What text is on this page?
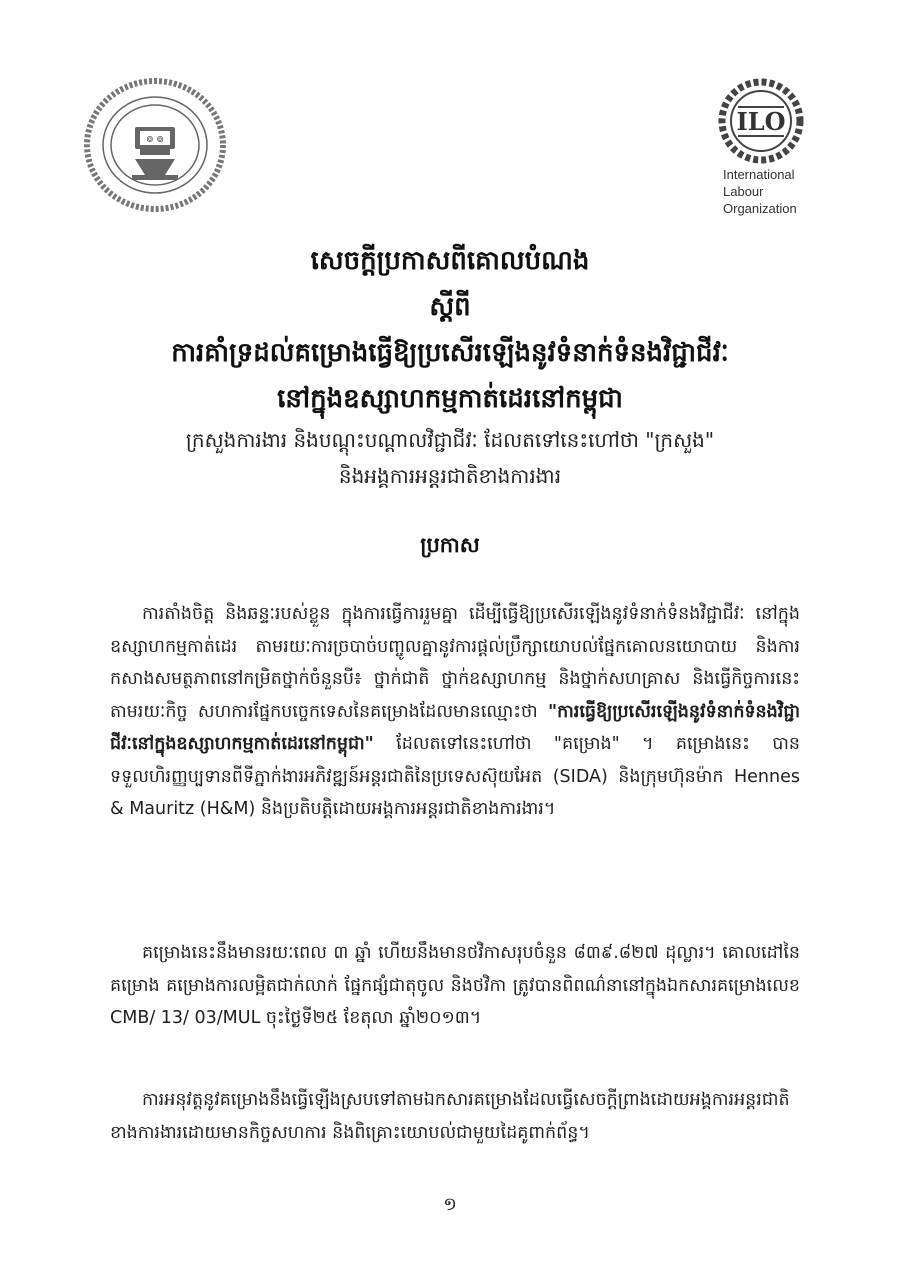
៙ ៙
ILO
International
Labour
Organization
សេចក្ដីប្រកាសពីគោលបំណង
ស្ដីពី
ការគាំទ្រដល់គម្រោងធ្វើឱ្យប្រសើរឡើងនូវទំនាក់ទំនងវិជ្ជាជីវៈ
នៅក្នុងឧស្សាហកម្មកាត់ដេរនៅកម្ពុជា
ក្រសួងការងារ និងបណ្ដុះបណ្ដាលវិជ្ជាជីវៈ ដែលតទៅនេះហៅថា "ក្រសួង"
និងអង្គការអន្តរជាតិខាងការងារ
ប្រកាស
ការតាំងចិត្ត និងឆន្ទៈរបស់ខ្លួន ក្នុងការធ្វើការរួមគ្នា ដើម្បីធ្វើឱ្យប្រសើរឡើងនូវទំនាក់ទំនងវិជ្ជាជីវៈ នៅក្នុង ឧស្សាហកម្មកាត់ដេរ តាមរយៈការច្របាច់បញ្ចូលគ្នានូវការផ្ដល់ប្រឹក្សាយោបល់ផ្នែកគោលនយោបាយ និងការកសាងសមត្ថភាពនៅកម្រិតថ្នាក់ចំនួនបី៖ ថ្នាក់ជាតិ ថ្នាក់ឧស្សាហកម្ម និងថ្នាក់សហគ្រាស និងធ្វើកិច្ចការនេះតាមរយៈកិច្ច សហការផ្នែកបច្ចេកទេសនៃគម្រោងដែលមានឈ្មោះថា "ការធ្វើឱ្យប្រសើរឡើងនូវទំនាក់ទំនងវិជ្ជាជីវៈនៅក្នុងឧស្សាហកម្មកាត់ដេរនៅកម្ពុជា" ដែលតទៅនេះហៅថា "គម្រោង" ។ គម្រោងនេះ បានទទួលហិរញ្ញប្បទានពីទីភ្នាក់ងារអភិវឌ្ឍន៍អន្តរជាតិនៃប្រទេសស៊ុយអែត (SIDA) និងក្រុមហ៊ុនម៉ាក Hennes & Mauritz (H&M) និងប្រតិបត្តិដោយអង្គការអន្តរជាតិខាងការងារ។
គម្រោងនេះនឹងមានរយៈពេល ៣ ឆ្នាំ ហើយនឹងមានថវិកាសរុបចំនួន ៨៣៩.៨២៧ ដុល្លារ។ គោលដៅនៃគម្រោង គម្រោងការលម្អិតជាក់លាក់ ផ្នែកផ្សំជាតុចូល និងថវិកា ត្រូវបានពិពណ៌នានៅក្នុងឯកសារគម្រោងលេខ CMB/ 13/ 03/MUL ចុះថ្ងៃទី២៥ ខែតុលា ឆ្នាំ២០១៣។
ការអនុវត្តនូវគម្រោងនឹងធ្វើឡើងស្របទៅតាមឯកសារគម្រោងដែលធ្វើសេចក្ដីព្រាងដោយអង្គការអន្តរជាតិខាងការងារដោយមានកិច្ចសហការ និងពិគ្រោះយោបល់ជាមួយដៃគូពាក់ព័ន្ធ។
១
